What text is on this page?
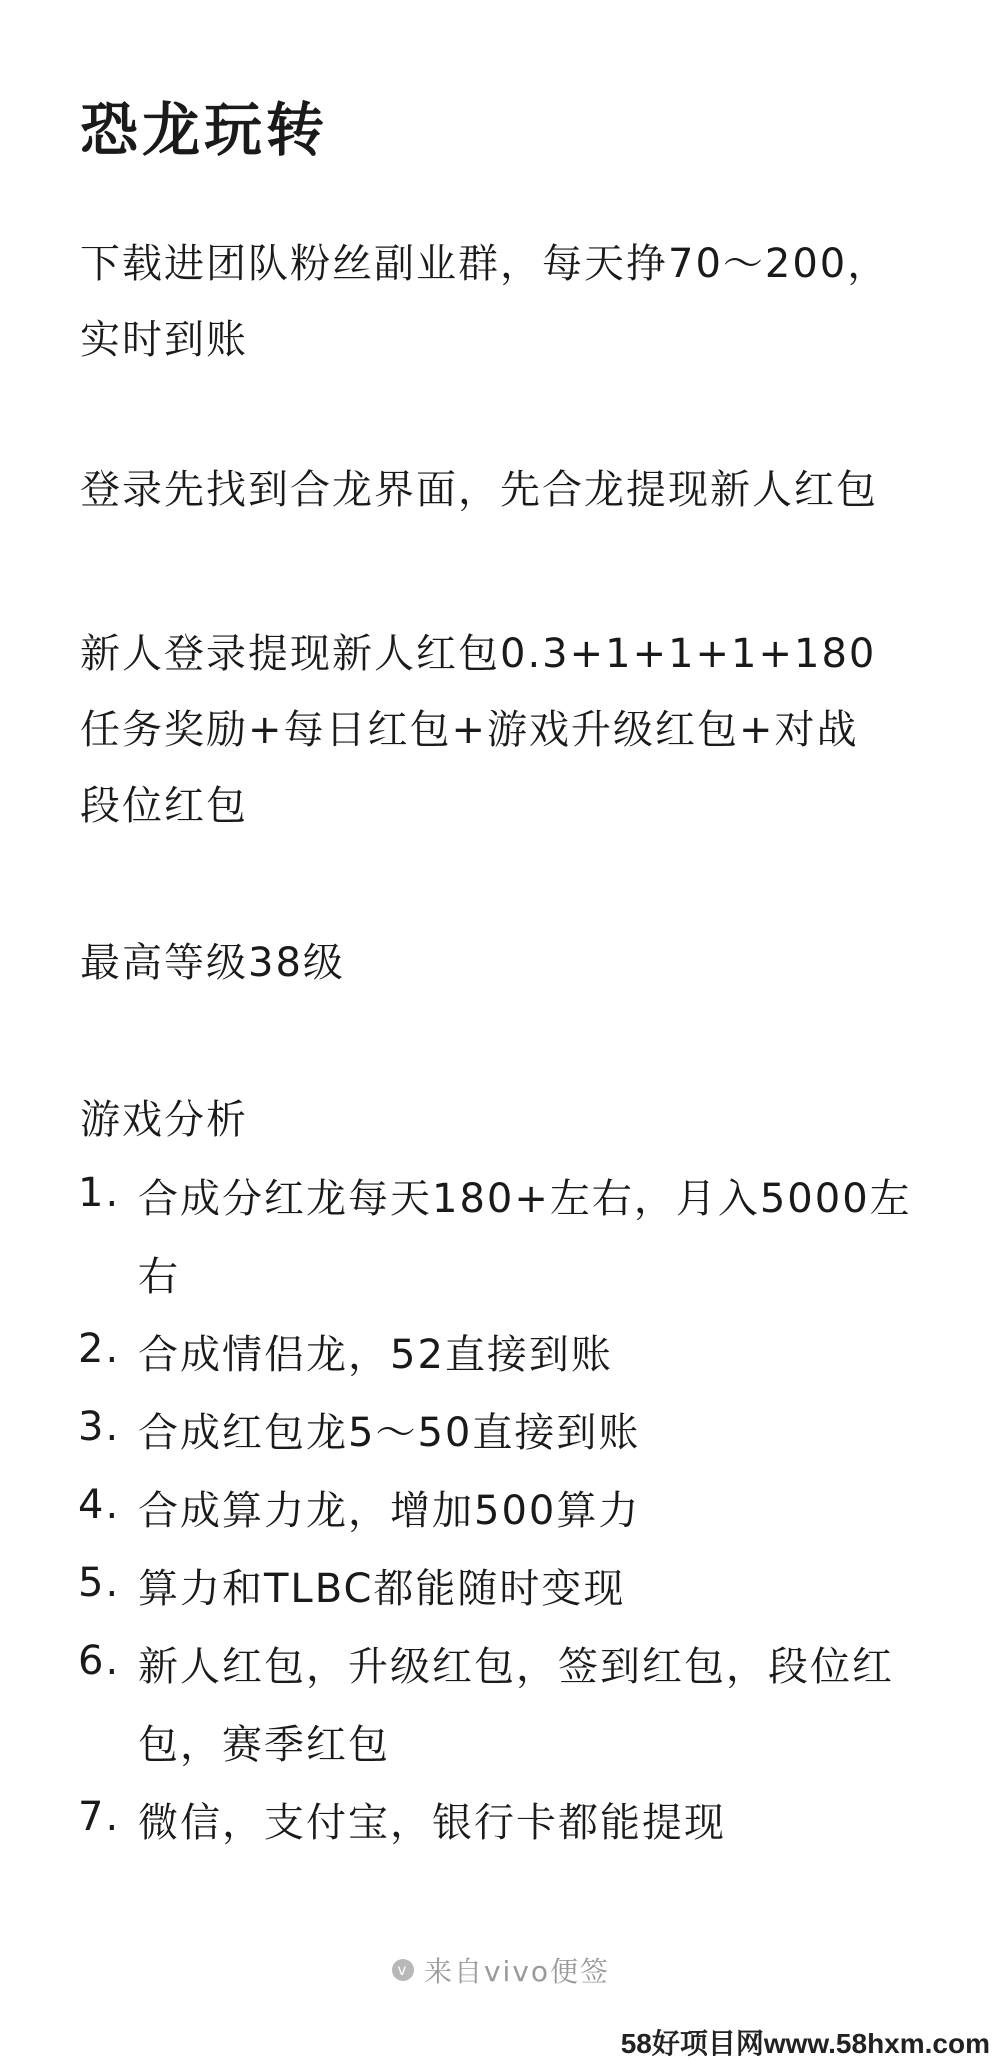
恐龙玩转

下载进团队粉丝副业群，每天挣70～200，
实时到账

登录先找到合龙界面，先合龙提现新人红包

新人登录提现新人红包0.3+1+1+1+180
任务奖励+每日红包+游戏升级红包+对战
段位红包

最高等级38级

游戏分析

1. 合成分红龙每天180+左右，月入5000左右
2. 合成情侣龙，52直接到账
3. 合成红包龙5～50直接到账
4. 合成算力龙，增加500算力
5. 算力和TLBC都能随时变现
6. 新人红包，升级红包，签到红包，段位红
包，赛季红包
7. 微信，支付宝，银行卡都能提现
v 来自vivo便签
58好项目网www.58hxm.com
